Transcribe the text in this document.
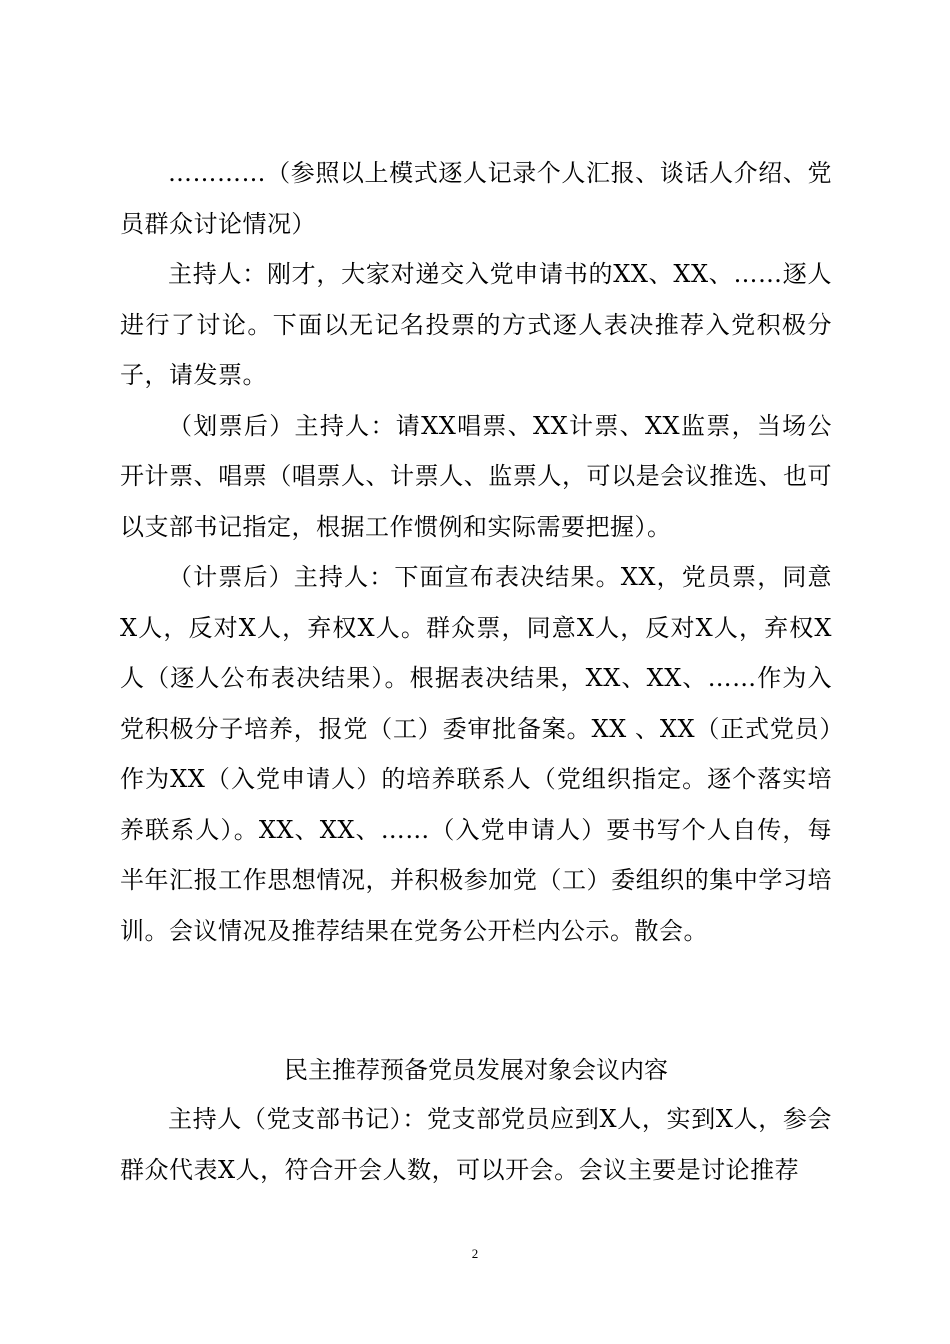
…………（参照以上模式逐人记录个人汇报、谈话人介绍、党员群众讨论情况）

主持人：刚才，大家对递交入党申请书的XX、XX、……逐人进行了讨论。下面以无记名投票的方式逐人表决推荐入党积极分子，请发票。

（划票后）主持人：请XX唱票、XX计票、XX监票，当场公开计票、唱票（唱票人、计票人、监票人，可以是会议推选、也可以支部书记指定，根据工作惯例和实际需要把握）。

（计票后）主持人：下面宣布表决结果。XX，党员票，同意X人，反对X人，弃权X人。群众票，同意X人，反对X人，弃权X人（逐人公布表决结果）。根据表决结果，XX、XX、……作为入党积极分子培养，报党（工）委审批备案。XX 、XX（正式党员）作为XX（入党申请人）的培养联系人（党组织指定。逐个落实培养联系人）。XX、XX、……（入党申请人）要书写个人自传，每半年汇报工作思想情况，并积极参加党（工）委组织的集中学习培训。会议情况及推荐结果在党务公开栏内公示。散会。

民主推荐预备党员发展对象会议内容

主持人（党支部书记）：党支部党员应到X人，实到X人，参会群众代表X人，符合开会人数，可以开会。会议主要是讨论推荐

2
